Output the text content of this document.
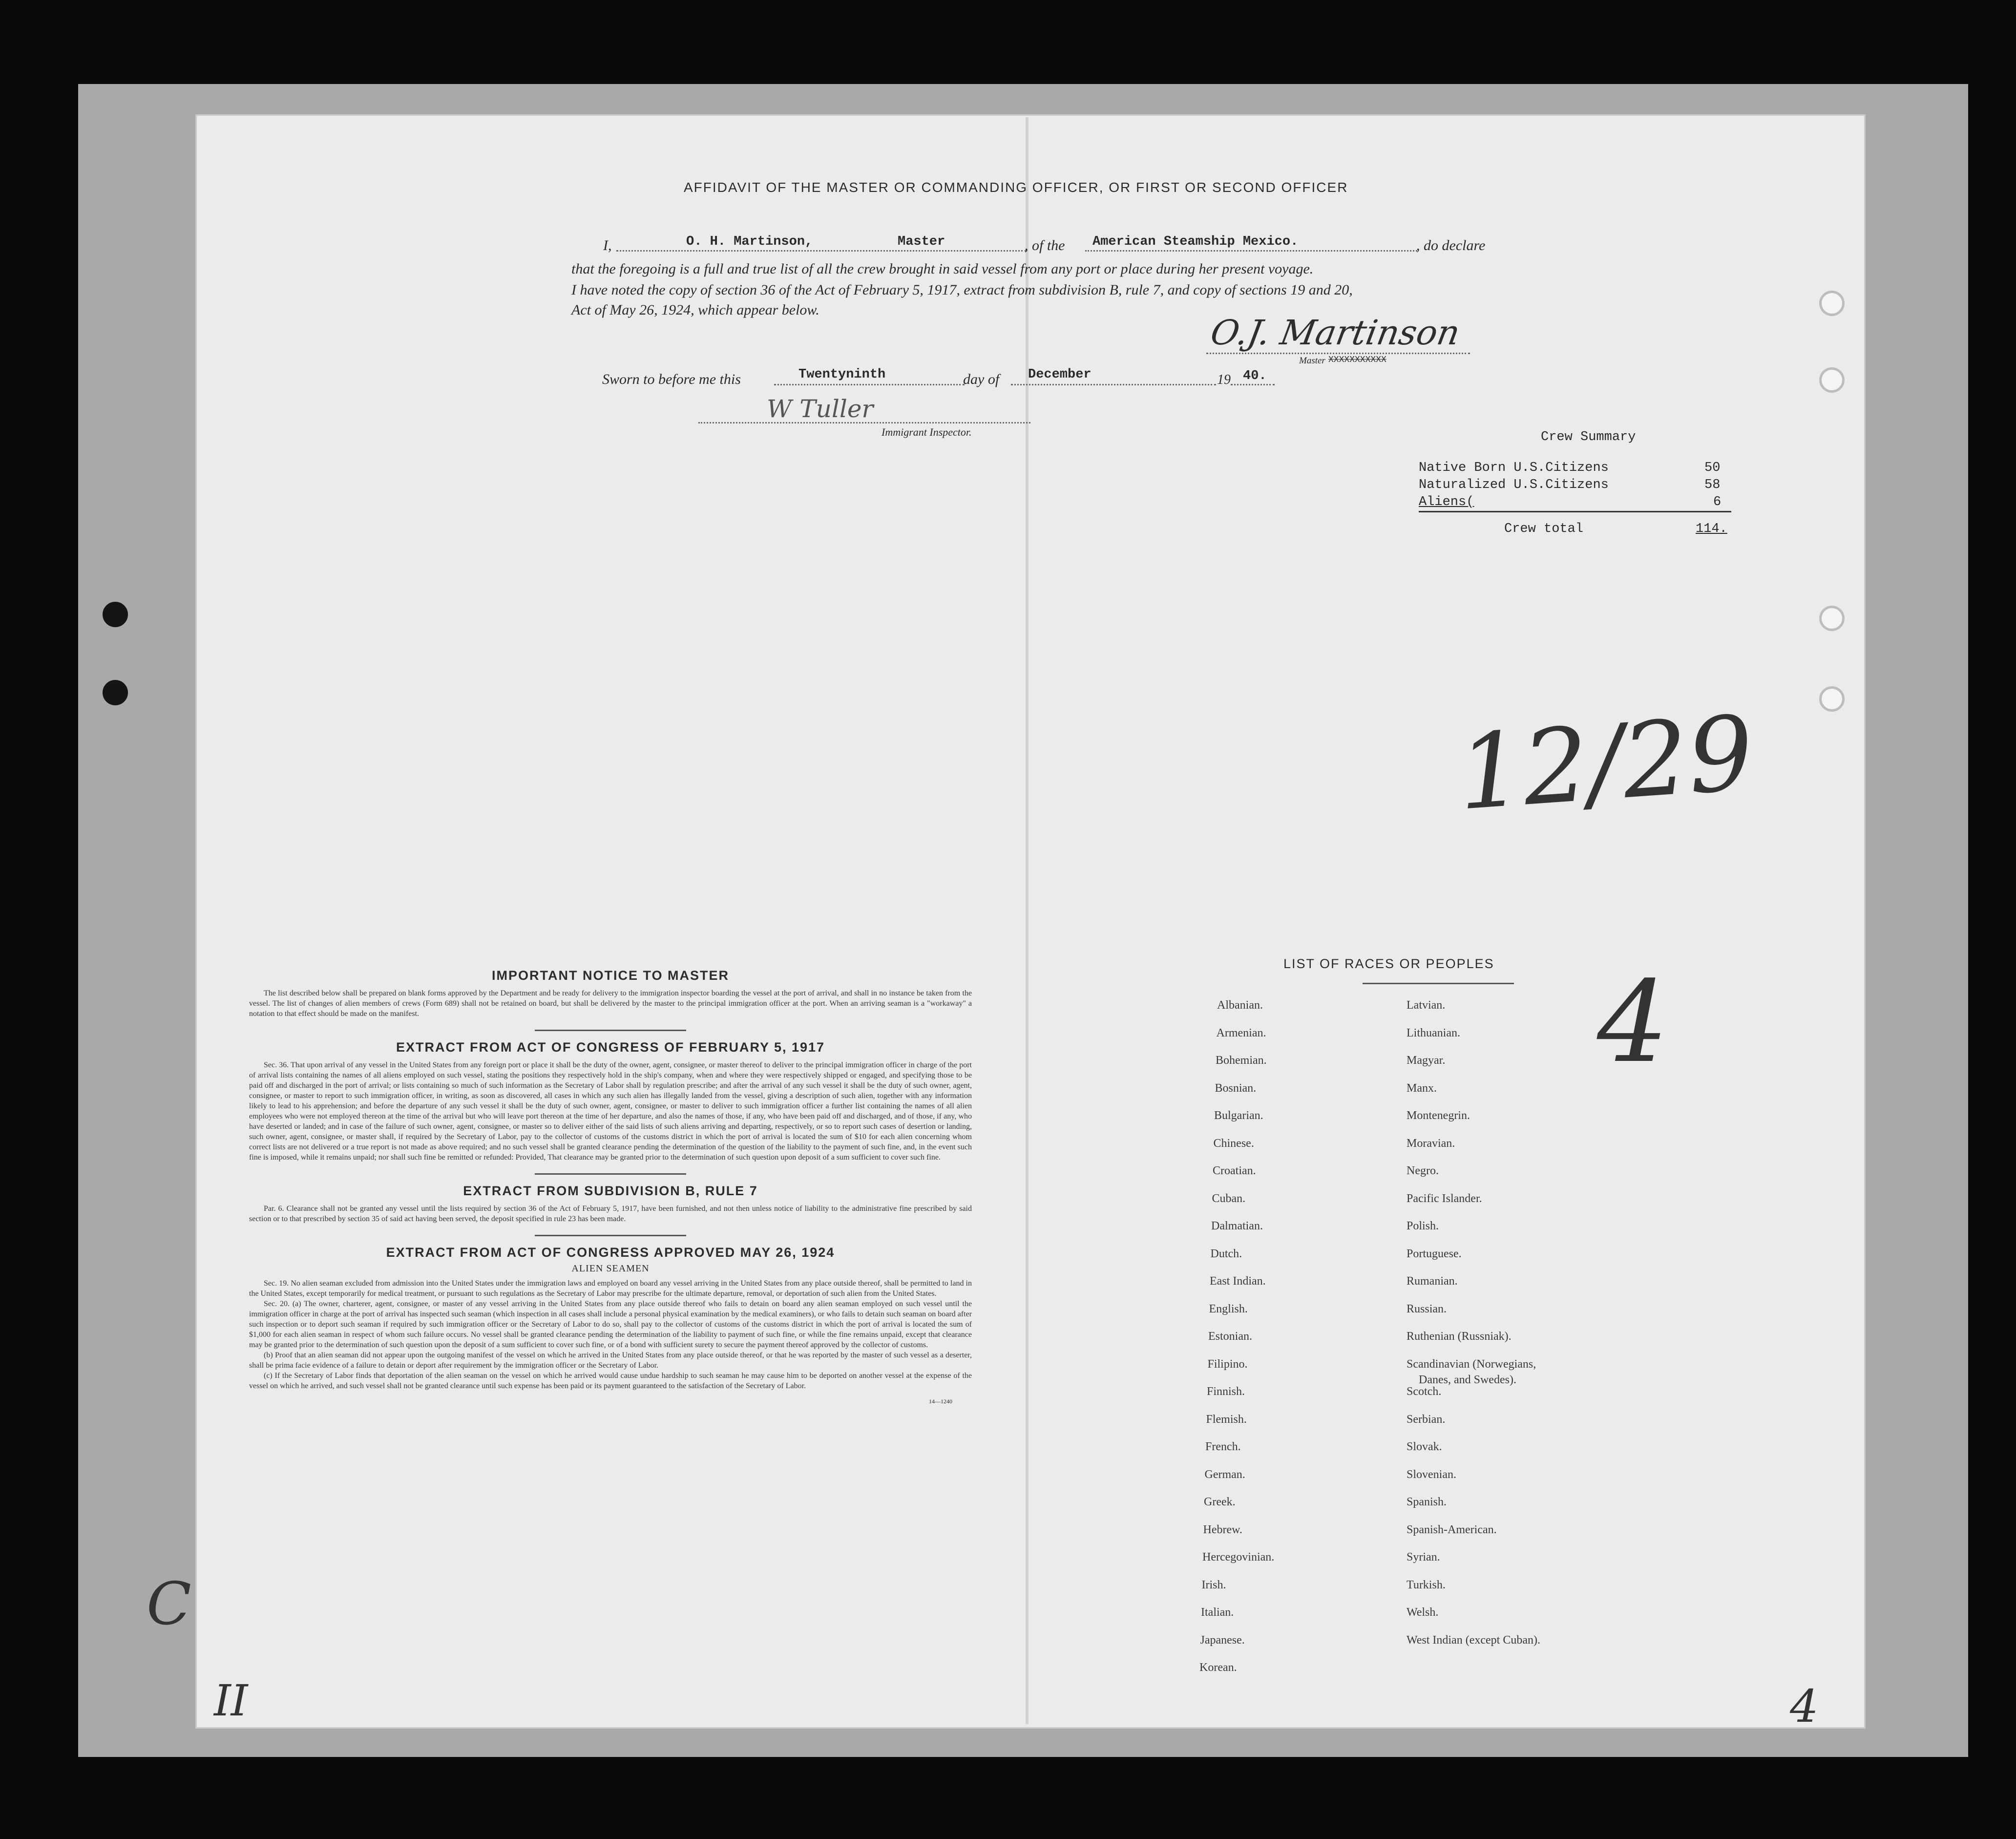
AFFIDAVIT OF THE MASTER OR COMMANDING OFFICER, OR FIRST OR SECOND OFFICER
I,	O. H. Martinson,	Master	, of the American Steamship Mexico.	, do declare
that the foregoing is a full and true list of all the crew brought in said vessel from any port or place during her present voyage.
I have noted the copy of section 36 of the Act of February 5, 1917, extract from subdivision B, rule 7, and copy of sections 19 and 20,
Act of May 26, 1924, which appear below.
O.J. Martinson
Master XXXXXXXXXXX
Sworn to before me this	Twentyninth	day of December	19 40.
W Tuller
Immigrant Inspector.	Crew Summary
Native Born U.S.Citizens	50
Naturalized U.S.Citizens	58
Aliens(	6
Crew total	114.
12/29
4
II	4
C
IMPORTANT NOTICE TO MASTER

The list described below shall be prepared on blank forms approved by the Department and be ready for delivery to the immigration inspector boarding the vessel at the port of arrival, and shall in no instance be taken from the vessel. The list of changes of alien members of crews (Form 689) shall not be retained on board, but shall be delivered by the master to the principal immigration officer at the port. When an arriving seaman is a "workaway" a notation to that effect should be made on the manifest.

EXTRACT FROM ACT OF CONGRESS OF FEBRUARY 5, 1917

Sec. 36. That upon arrival of any vessel in the United States from any foreign port or place it shall be the duty of the owner, agent, consignee, or master thereof to deliver to the principal immigration officer in charge of the port of arrival lists containing the names of all aliens employed on such vessel, stating the positions they respectively hold in the ship's company, when and where they were respectively shipped or engaged, and specifying those to be paid off and discharged in the port of arrival; or lists containing so much of such information as the Secretary of Labor shall by regulation prescribe; and after the arrival of any such vessel it shall be the duty of such owner, agent, consignee, or master to report to such immigration officer, in writing, as soon as discovered, all cases in which any such alien has illegally landed from the vessel, giving a description of such alien, together with any information likely to lead to his apprehension; and before the departure of any such vessel it shall be the duty of such owner, agent, consignee, or master to deliver to such immigration officer a further list containing the names of all alien employees who were not employed thereon at the time of the arrival but who will leave port thereon at the time of her departure, and also the names of those, if any, who have been paid off and discharged, and of those, if any, who have deserted or landed; and in case of the failure of such owner, agent, consignee, or master so to deliver either of the said lists of such aliens arriving and departing, respectively, or so to report such cases of desertion or landing, such owner, agent, consignee, or master shall, if required by the Secretary of Labor, pay to the collector of customs of the customs district in which the port of arrival is located the sum of $10 for each alien concerning whom correct lists are not delivered or a true report is not made as above required; and no such vessel shall be granted clearance pending the determination of the question of the liability to the payment of such fine, and, in the event such fine is imposed, while it remains unpaid; nor shall such fine be remitted or refunded: Provided, That clearance may be granted prior to the determination of such question upon deposit of a sum sufficient to cover such fine.

EXTRACT FROM SUBDIVISION B, RULE 7

Par. 6. Clearance shall not be granted any vessel until the lists required by section 36 of the Act of February 5, 1917, have been furnished, and not then unless notice of liability to the administrative fine prescribed by said section or to that prescribed by section 35 of said act having been served, the deposit specified in rule 23 has been made.

EXTRACT FROM ACT OF CONGRESS APPROVED MAY 26, 1924
ALIEN SEAMEN

Sec. 19. No alien seaman excluded from admission into the United States under the immigration laws and employed on board any vessel arriving in the United States from any place outside thereof, shall be permitted to land in the United States, except temporarily for medical treatment, or pursuant to such regulations as the Secretary of Labor may prescribe for the ultimate departure, removal, or deportation of such alien from the United States.

Sec. 20. (a) The owner, charterer, agent, consignee, or master of any vessel arriving in the United States from any place outside thereof who fails to detain on board any alien seaman employed on such vessel until the immigration officer in charge at the port of arrival has inspected such seaman (which inspection in all cases shall include a personal physical examination by the medical examiners), or who fails to detain such seaman on board after such inspection or to deport such seaman if required by such immigration officer or the Secretary of Labor to do so, shall pay to the collector of customs of the customs district in which the port of arrival is located the sum of $1,000 for each alien seaman in respect of whom such failure occurs. No vessel shall be granted clearance pending the determination of the liability to payment of such fine, or while the fine remains unpaid, except that clearance may be granted prior to the determination of such question upon the deposit of a sum sufficient to cover such fine, or of a bond with sufficient surety to secure the payment thereof approved by the collector of customs.

(b) Proof that an alien seaman did not appear upon the outgoing manifest of the vessel on which he arrived in the United States from any place outside thereof, or that he was reported by the master of such vessel as a deserter, shall be prima facie evidence of a failure to detain or deport after requirement by the immigration officer or the Secretary of Labor.

(c) If the Secretary of Labor finds that deportation of the alien seaman on the vessel on which he arrived would cause undue hardship to such seaman he may cause him to be deported on another vessel at the expense of the vessel on which he arrived, and such vessel shall not be granted clearance until such expense has been paid or its payment guaranteed to the satisfaction of the Secretary of Labor.

14—1240
LIST OF RACES OR PEOPLES
Albanian.
Armenian.
Bohemian.
Bosnian.
Bulgarian.
Chinese.
Croatian.
Cuban.
Dalmatian.
Dutch.
East Indian.
English.
Estonian.
Filipino.
Finnish.
Flemish.
French.
German.
Greek.
Hebrew.
Hercegovinian.
Irish.
Italian.
Japanese.
Korean.
Latvian.
Lithuanian.
Magyar.
Manx.
Montenegrin.
Moravian.
Negro.
Pacific Islander.
Polish.
Portuguese.
Rumanian.
Russian.
Ruthenian (Russniak).
Scandinavian (Norwegians,
Danes, and Swedes).
Scotch.
Serbian.
Slovak.
Slovenian.
Spanish.
Spanish-American.
Syrian.
Turkish.
Welsh.
West Indian (except Cuban).
